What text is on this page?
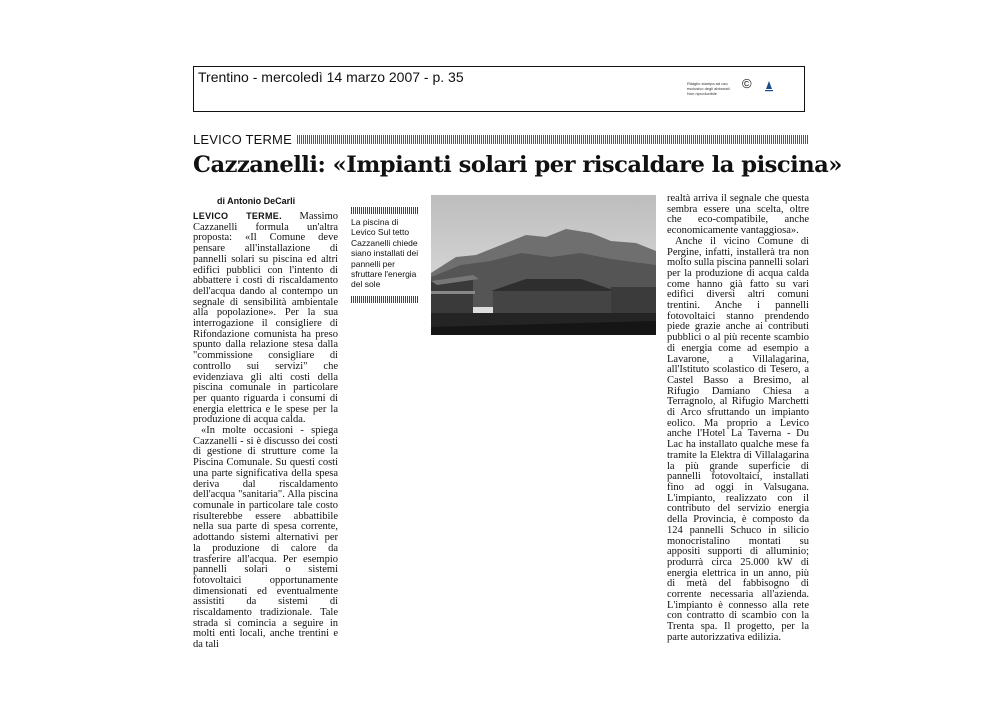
Trentino - mercoledì 14 marzo 2007 - p. 35	Ritaglio stampa ad uso esclusivo degli abbonati. Non riproducibile
©
LEVICO TERME
Cazzanelli: «Impianti solari per riscaldare la piscina»
di Antonio DeCarli

LEVICO TERME. Massimo Cazzanelli formula un'altra proposta: «Il Comune deve pensare all'installazione di pannelli solari su piscina ed altri edifici pubblici con l'intento di abbattere i costi di riscaldamento dell'acqua dando al contempo un segnale di sensibilità ambientale alla popolazione». Per la sua interrogazione il consigliere di Rifondazione comunista ha preso spunto dalla relazione stesa dalla "commissione consigliare di controllo sui servizi" che evidenziava gli alti costi della piscina comunale in particolare per quanto riguarda i consumi di energia elettrica e le spese per la produzione di acqua calda.

«In molte occasioni - spiega Cazzanelli - si è discusso dei costi di gestione di strutture come la Piscina Comunale. Su questi costi una parte significativa della spesa deriva dal riscaldamento dell'acqua "sanitaria". Alla piscina comunale in particolare tale costo risulterebbe essere abbattibile nella sua parte di spesa corrente, adottando sistemi alternativi per la produzione di calore da trasferire all'acqua. Per esempio pannelli solari o sistemi fotovoltaici opportunamente dimensionati ed eventualmente assistiti da sistemi di riscaldamento tradizionale. Tale strada si comincia a seguire in molti enti locali, anche trentini e da tali

La piscina di Levico Sul tetto Cazzanelli chiede siano installati dei pannelli per sfruttare l'energia del sole

realtà arriva il segnale che questa sembra essere una scelta, oltre che eco-compatibile, anche economicamente vantaggiosa».

Anche il vicino Comune di Pergine, infatti, installerà tra non molto sulla piscina pannelli solari per la produzione di acqua calda come hanno già fatto su vari edifici diversi altri comuni trentini. Anche i pannelli fotovoltaici stanno prendendo piede grazie anche ai contributi pubblici o al più recente scambio di energia come ad esempio a Lavarone, a Villalagarina, all'Istituto scolastico di Tesero, a Castel Basso a Bresimo, al Rifugio Damiano Chiesa a Terragnolo, al Rifugio Marchetti di Arco sfruttando un impianto eolico. Ma proprio a Levico anche l'Hotel La Taverna - Du Lac ha installato qualche mese fa tramite la Elektra di Villalagarina la più grande superficie di pannelli fotovoltaici, installati fino ad oggi in Valsugana. L'impianto, realizzato con il contributo del servizio energia della Provincia, è composto da 124 pannelli Schuco in silicio monocristalino montati su appositi supporti di alluminio; produrrà circa 25.000 kW di energia elettrica in un anno, più di metà del fabbisogno di corrente necessaria all'azienda. L'impianto è connesso alla rete con contratto di scambio con la Trenta spa. Il progetto, per la parte autorizzativa edilizia.
